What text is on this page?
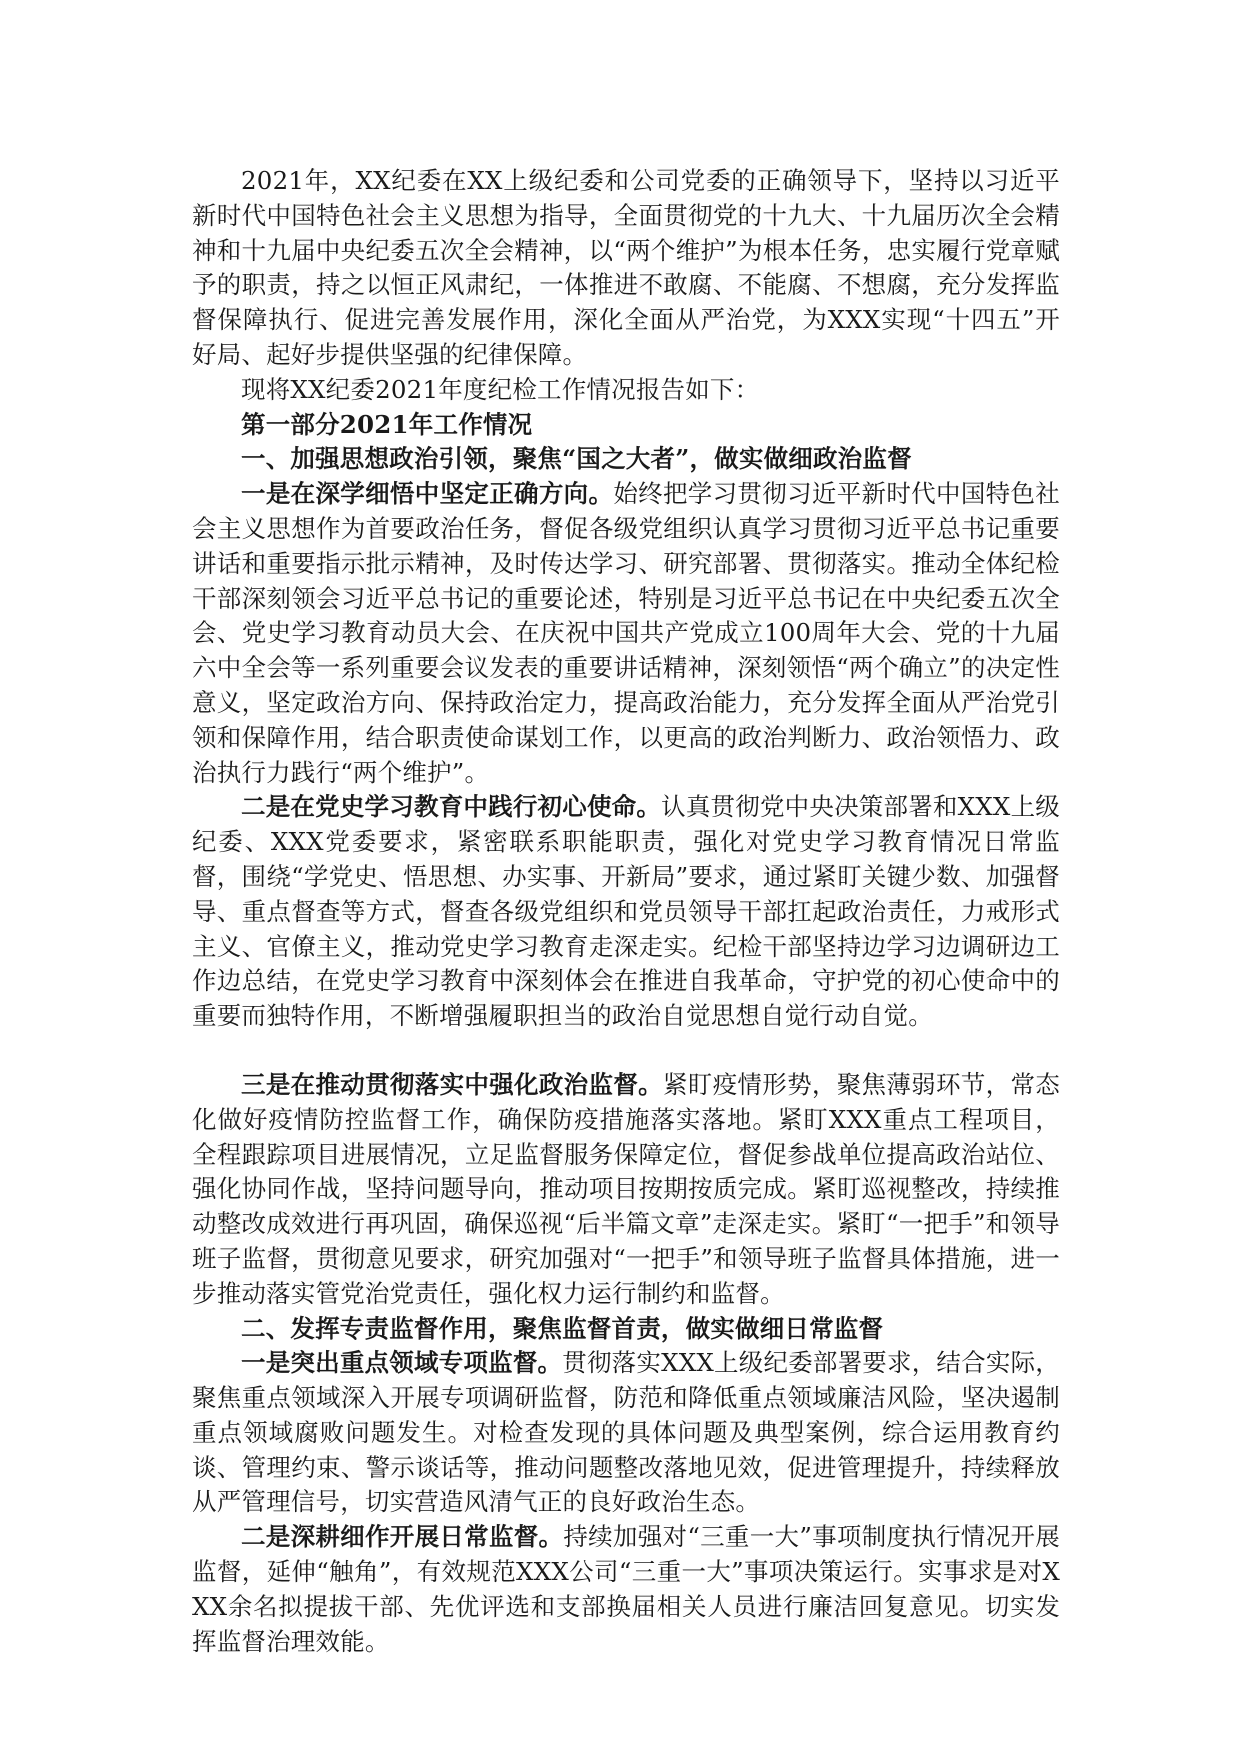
2021年，XX纪委在XX上级纪委和公司党委的正确领导下，坚持以习近平新时代中国特色社会主义思想为指导，全面贯彻党的十九大、十九届历次全会精神和十九届中央纪委五次全会精神，以“两个维护”为根本任务，忠实履行党章赋予的职责，持之以恒正风肃纪，一体推进不敢腐、不能腐、不想腐，充分发挥监督保障执行、促进完善发展作用，深化全面从严治党，为XXX实现“十四五”开好局、起好步提供坚强的纪律保障。

现将XX纪委2021年度纪检工作情况报告如下：

第一部分2021年工作情况

一、加强思想政治引领，聚焦“国之大者”，做实做细政治监督

一是在深学细悟中坚定正确方向。始终把学习贯彻习近平新时代中国特色社会主义思想作为首要政治任务，督促各级党组织认真学习贯彻习近平总书记重要讲话和重要指示批示精神，及时传达学习、研究部署、贯彻落实。推动全体纪检干部深刻领会习近平总书记的重要论述，特别是习近平总书记在中央纪委五次全会、党史学习教育动员大会、在庆祝中国共产党成立100周年大会、党的十九届六中全会等一系列重要会议发表的重要讲话精神，深刻领悟“两个确立”的决定性意义，坚定政治方向、保持政治定力，提高政治能力，充分发挥全面从严治党引领和保障作用，结合职责使命谋划工作，以更高的政治判断力、政治领悟力、政治执行力践行“两个维护”。

二是在党史学习教育中践行初心使命。认真贯彻党中央决策部署和XXX上级纪委、XXX党委要求，紧密联系职能职责，强化对党史学习教育情况日常监督，围绕“学党史、悟思想、办实事、开新局”要求，通过紧盯关键少数、加强督导、重点督查等方式，督查各级党组织和党员领导干部扛起政治责任，力戒形式主义、官僚主义，推动党史学习教育走深走实。纪检干部坚持边学习边调研边工作边总结，在党史学习教育中深刻体会在推进自我革命，守护党的初心使命中的重要而独特作用，不断增强履职担当的政治自觉思想自觉行动自觉。

三是在推动贯彻落实中强化政治监督。紧盯疫情形势，聚焦薄弱环节，常态化做好疫情防控监督工作，确保防疫措施落实落地。紧盯XXX重点工程项目，全程跟踪项目进展情况，立足监督服务保障定位，督促参战单位提高政治站位、强化协同作战，坚持问题导向，推动项目按期按质完成。紧盯巡视整改，持续推动整改成效进行再巩固，确保巡视“后半篇文章”走深走实。紧盯“一把手”和领导班子监督，贯彻意见要求，研究加强对“一把手”和领导班子监督具体措施，进一步推动落实管党治党责任，强化权力运行制约和监督。

二、发挥专责监督作用，聚焦监督首责，做实做细日常监督

一是突出重点领域专项监督。贯彻落实XXX上级纪委部署要求，结合实际，聚焦重点领域深入开展专项调研监督，防范和降低重点领域廉洁风险，坚决遏制重点领域腐败问题发生。对检查发现的具体问题及典型案例，综合运用教育约谈、管理约束、警示谈话等，推动问题整改落地见效，促进管理提升，持续释放从严管理信号，切实营造风清气正的良好政治生态。

二是深耕细作开展日常监督。持续加强对“三重一大”事项制度执行情况开展监督，延伸“触角”，有效规范XXX公司“三重一大”事项决策运行。实事求是对XXX余名拟提拔干部、先优评选和支部换届相关人员进行廉洁回复意见。切实发挥监督治理效能。
